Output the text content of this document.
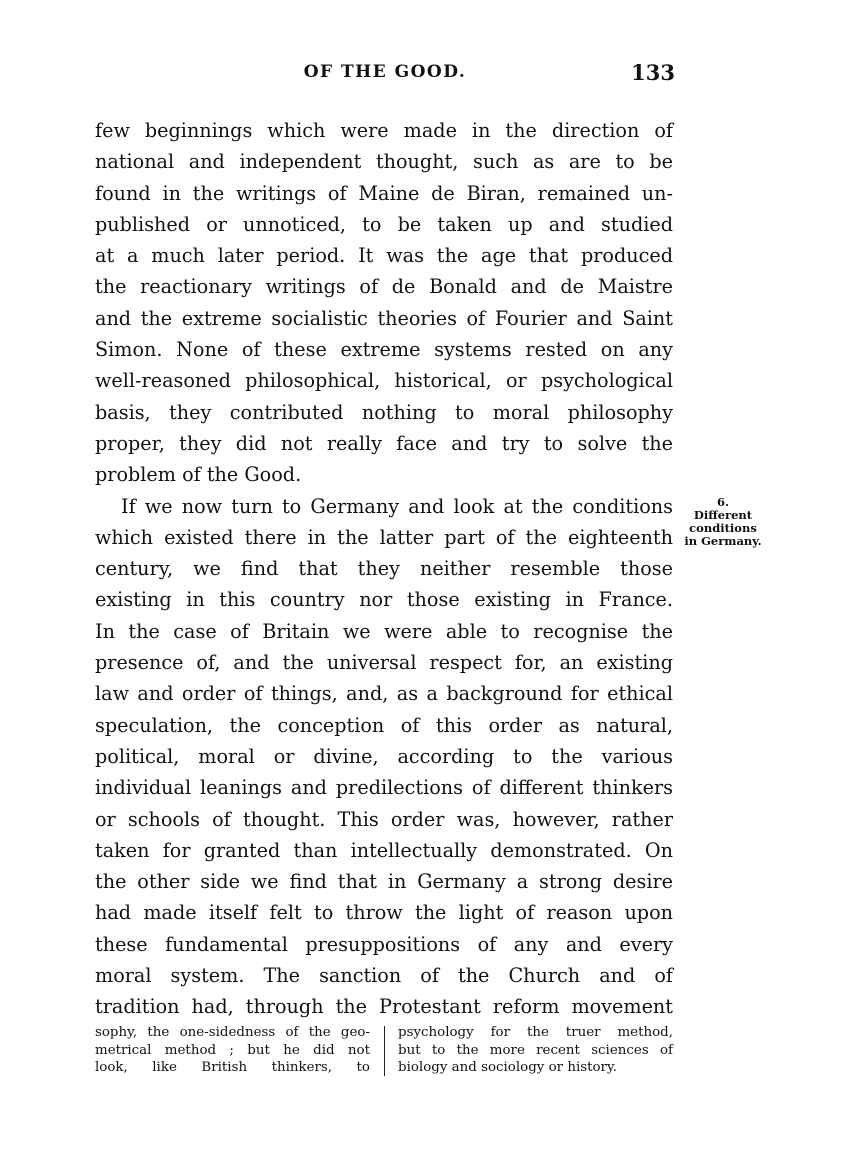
OF THE GOOD.	133
few beginnings which were made in the direction of
national and independent thought, such as are to be
found in the writings of Maine de Biran, remained un-
published or unnoticed, to be taken up and studied
at a much later period. It was the age that produced
the reactionary writings of de Bonald and de Maistre
and the extreme socialistic theories of Fourier and Saint
Simon. None of these extreme systems rested on any
well-reasoned philosophical, historical, or psychological
basis, they contributed nothing to moral philosophy
proper, they did not really face and try to solve the
problem of the Good.
If we now turn to Germany and look at the conditions
which existed there in the latter part of the eighteenth
century, we find that they neither resemble those
existing in this country nor those existing in France.
In the case of Britain we were able to recognise the
presence of, and the universal respect for, an existing
law and order of things, and, as a background for ethical
speculation, the conception of this order as natural,
political, moral or divine, according to the various
individual leanings and predilections of different thinkers
or schools of thought. This order was, however, rather
taken for granted than intellectually demonstrated. On
the other side we find that in Germany a strong desire
had made itself felt to throw the light of reason upon
these fundamental presuppositions of any and every
moral system. The sanction of the Church and of
tradition had, through the Protestant reform movement
6.
Different
conditions
in Germany.
sophy, the one-sidedness of the geo-
metrical method ; but he did not
look, like British thinkers, to
psychology for the truer method,
but to the more recent sciences of
biology and sociology or history.
